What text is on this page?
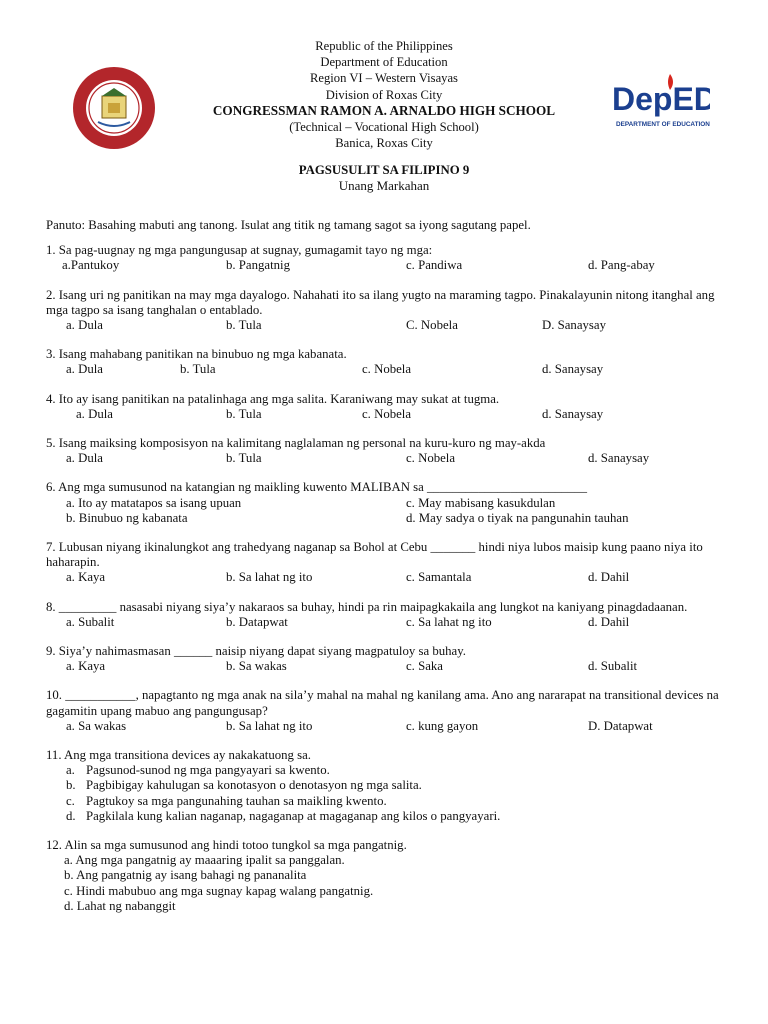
Republic of the Philippines
Department of Education
Region VI – Western Visayas
Division of Roxas City
CONGRESSMAN RAMON A. ARNALDO HIGH SCHOOL
(Technical – Vocational High School)
Banica, Roxas City
DepED
DEPARTMENT OF EDUCATION
PAGSUSULIT SA FILIPINO 9
Unang Markahan

Panuto: Basahing mabuti ang tanong. Isulat ang titik ng tamang sagot sa iyong sagutang papel.

1. Sa pag-uugnay ng mga pangungusap at sugnay, gumagamit tayo ng mga:

a.Pantukoy	b. Pangatnig	c. Pandiwa	d. Pang-abay

2. Isang uri ng panitikan na may mga dayalogo. Nahahati ito sa ilang yugto na maraming tagpo. Pinakalayunin nitong itanghal ang mga tagpo sa isang tanghalan o entablado.

a. Dula	b. Tula	C. Nobela	D. Sanaysay

3. Isang mahabang panitikan na binubuo ng mga kabanata.

a. Dula	b. Tula	c. Nobela	d. Sanaysay

4. Ito ay isang panitikan na patalinhaga ang mga salita. Karaniwang may sukat at tugma.

a. Dula	b. Tula	c. Nobela	d. Sanaysay

5. Isang maiksing komposisyon na kalimitang naglalaman ng personal na kuru-kuro ng may-akda

a. Dula	b. Tula	c. Nobela	d. Sanaysay

6. Ang mga sumusunod na katangian ng maikling kuwento MALIBAN sa _________________________

a. Ito ay matatapos sa isang upuan	c. May mabisang kasukdulan
b. Binubuo ng kabanata	d. May sadya o tiyak na pangunahin tauhan

7. Lubusan niyang ikinalungkot ang trahedyang naganap sa Bohol at Cebu _______ hindi niya lubos maisip kung paano niya ito haharapin.

a. Kaya	b. Sa lahat ng ito	c. Samantala	d. Dahil

8. _________ nasasabi niyang siya’y nakaraos sa buhay, hindi pa rin maipagkakaila ang lungkot na kaniyang pinagdadaanan.

a. Subalit	b. Datapwat	c. Sa lahat ng ito	d. Dahil

9. Siya’y nahimasmasan ______ naisip niyang dapat siyang magpatuloy sa buhay.

a. Kaya	b. Sa wakas	c. Saka	d. Subalit

10. ___________, napagtanto ng mga anak na sila’y mahal na mahal ng kanilang ama. Ano ang nararapat na transitional devices na gagamitin upang mabuo ang pangungusap?

a. Sa wakas	b. Sa lahat ng ito	c. kung gayon	D. Datapwat

11. Ang mga transitiona devices ay nakakatuong sa.

a. Pagsunod-sunod ng mga pangyayari sa kwento.
b. Pagbibigay kahulugan sa konotasyon o denotasyon ng mga salita.
c. Pagtukoy sa mga pangunahing tauhan sa maikling kwento.
d. Pagkilala kung kalian naganap, nagaganap at magaganap ang kilos o pangyayari.

12. Alin sa mga sumusunod ang hindi totoo tungkol sa mga pangatnig.

a. Ang mga pangatnig ay maaaring ipalit sa panggalan.
b. Ang pangatnig ay isang bahagi ng pananalita
c. Hindi mabubuo ang mga sugnay kapag walang pangatnig.
d. Lahat ng nabanggit
